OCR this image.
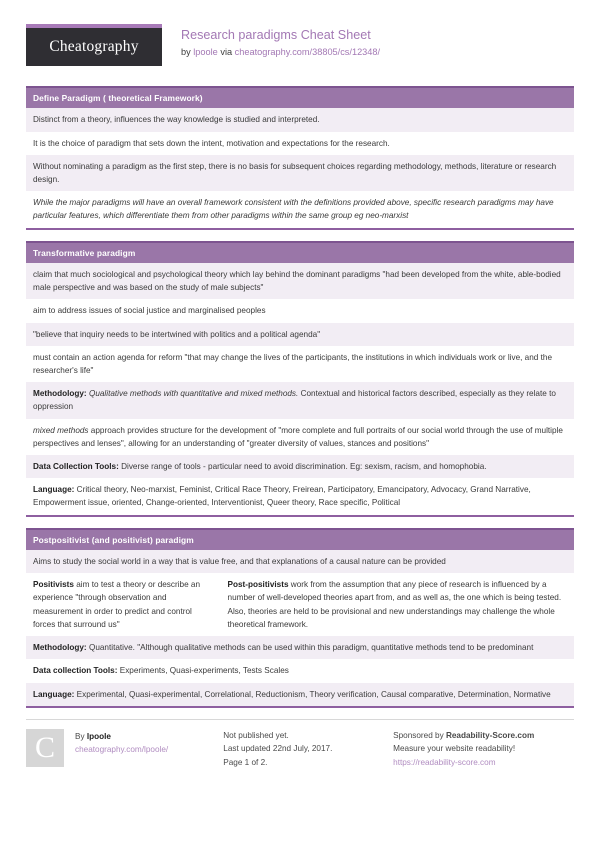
Cheatography
Research paradigms Cheat Sheet
by lpoole via cheatography.com/38805/cs/12348/
Define Paradigm ( theoretical Framework)
Distinct from a theory, influences the way knowledge is studied and interpreted.
It is the choice of paradigm that sets down the intent, motivation and expectations for the research.
Without nominating a paradigm as the first step, there is no basis for subsequent choices regarding methodology, methods, literature or research design.
While the major paradigms will have an overall framework consistent with the definitions provided above, specific research paradigms may have particular features, which differentiate them from other paradigms within the same group eg neo-marxist
Transformative paradigm
claim that much sociological and psychological theory which lay behind the dominant paradigms "had been developed from the white, able-bodied male perspective and was based on the study of male subjects"
aim to address issues of social justice and marginalised peoples
"believe that inquiry needs to be intertwined with politics and a political agenda"
must contain an action agenda for reform "that may change the lives of the participants, the institutions in which individuals work or live, and the researcher's life"
Methodology: Qualitative methods with quantitative and mixed methods. Contextual and historical factors described, especially as they relate to oppression
mixed methods approach provides structure for the development of "more complete and full portraits of our social world through the use of multiple perspectives and lenses", allowing for an understanding of "greater diversity of values, stances and positions"
Data Collection Tools: Diverse range of tools - particular need to avoid discrimination. Eg: sexism, racism, and homophobia.
Language: Critical theory, Neo-marxist, Feminist, Critical Race Theory, Freirean, Participatory, Emancipatory, Advocacy, Grand Narrative, Empowerment issue, oriented, Change-oriented, Interventionist, Queer theory, Race specific, Political
Postpositivist (and positivist) paradigm
Aims to study the social world in a way that is value free, and that explanations of a causal nature can be provided
Positivists aim to test a theory or describe an experience "through observation and measurement in order to predict and control forces that surround us"
Post-positivists work from the assumption that any piece of research is influenced by a number of well-developed theories apart from, and as well as, the one which is being tested. Also, theories are held to be provisional and new understandings may challenge the whole theoretical framework.
Methodology: Quantitative. "Although qualitative methods can be used within this paradigm, quantitative methods tend to be predominant
Data collection Tools: Experiments, Quasi-experiments, Tests Scales
Language: Experimental, Quasi-experimental, Correlational, Reductionism, Theory verification, Causal comparative, Determination, Normative
C	By lpoole
cheatography.com/lpoole/
Not published yet.
Last updated 22nd July, 2017.
Page 1 of 2.
Sponsored by Readability-Score.com
Measure your website readability!
https://readability-score.com
